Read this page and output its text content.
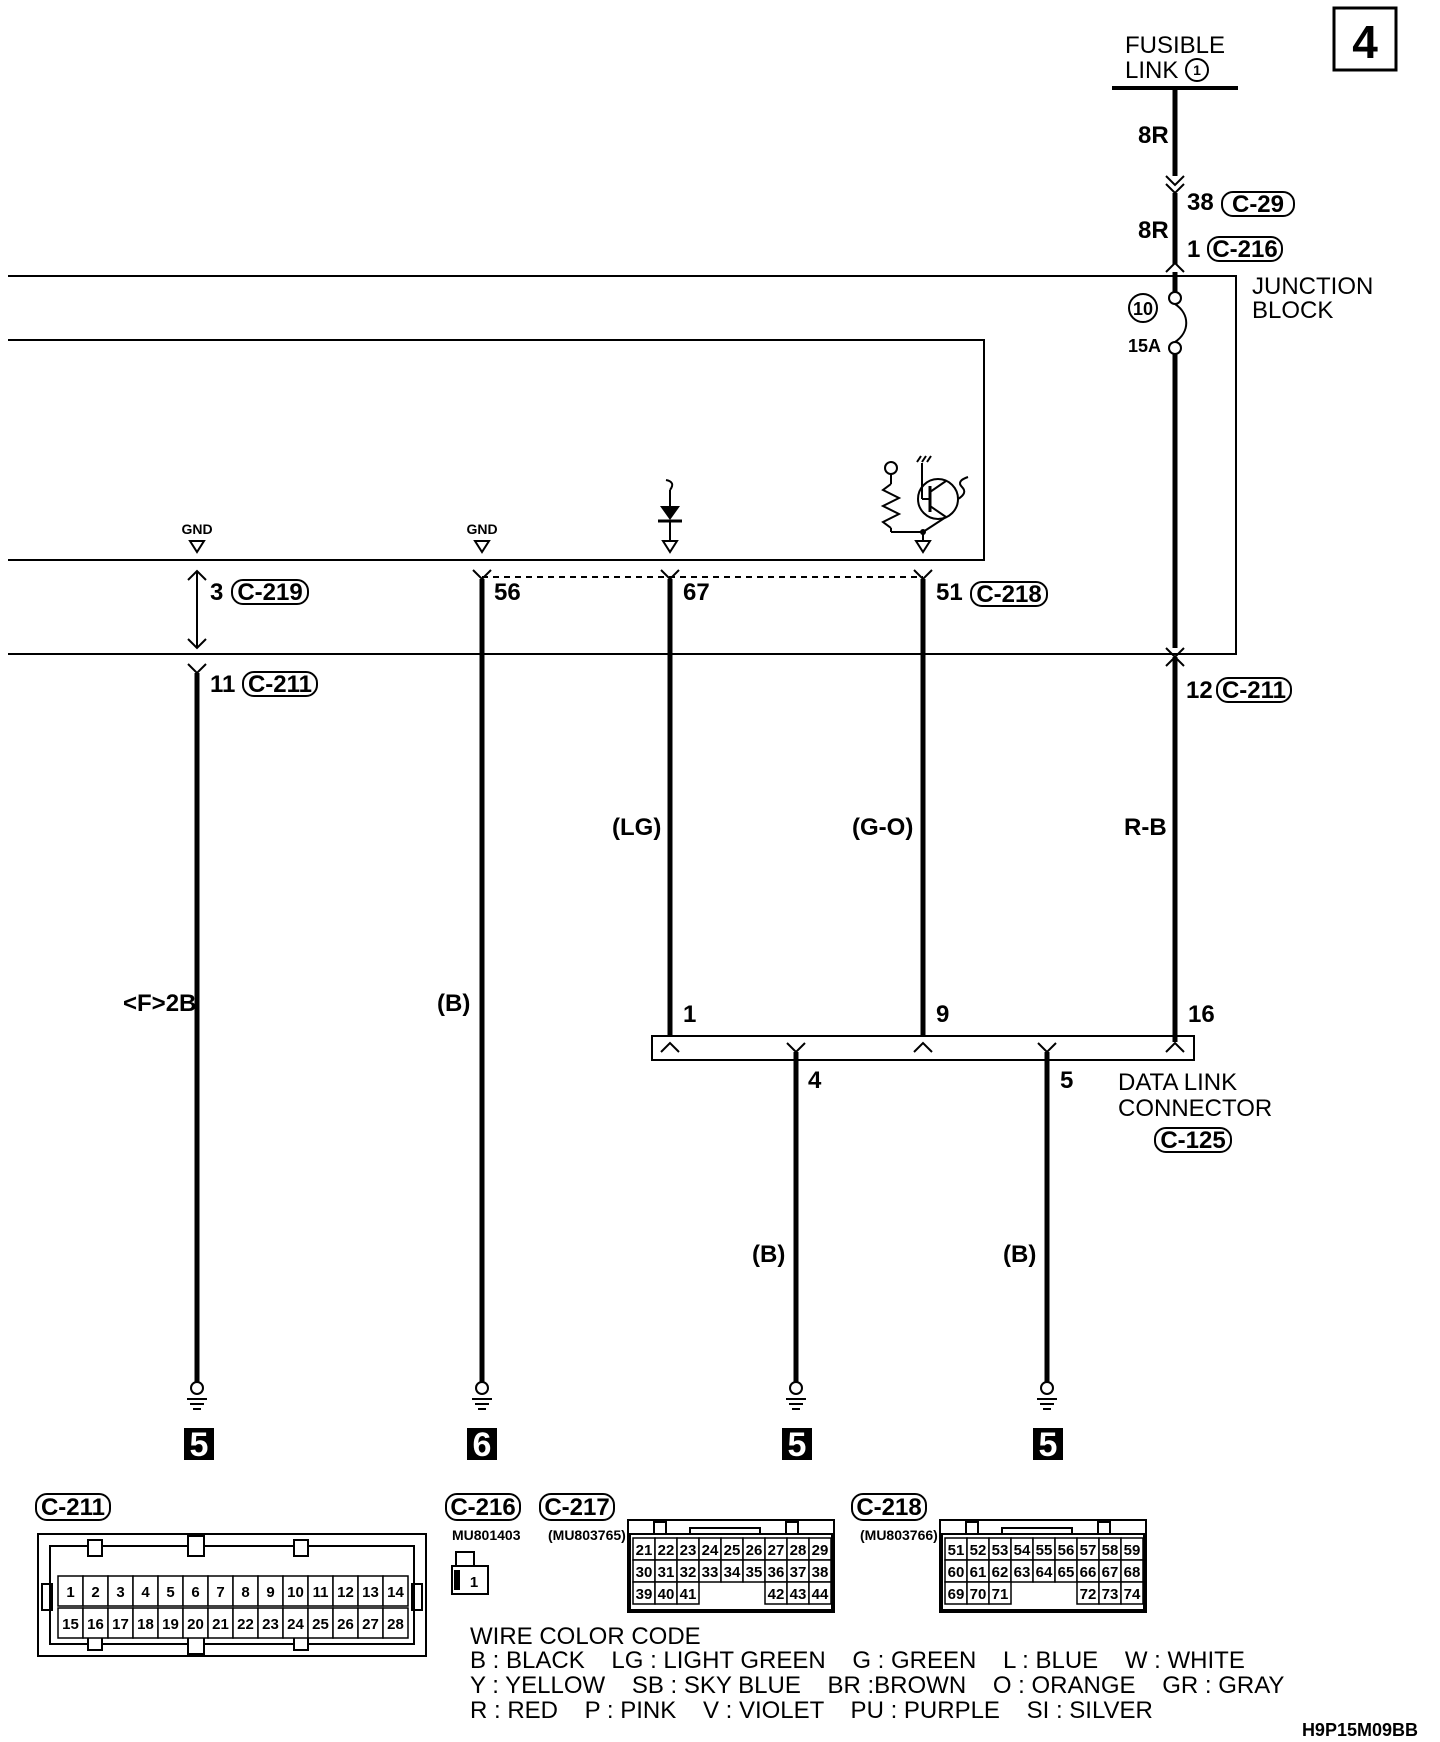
4
FUSIBLE
LINK 1
8R
38 C-29
8R
1 C-216
JUNCTION
BLOCK
10
15A
12 C-211
R-B
GND	GND
3 C-219	56	67	51 C-218
11 C-211
<F>2B	(B)
(LG)	(G-O)
1	9	16
4	5 DATA LINK
CONNECTOR
C-125
(B)	(B)
5	6	5	5
C-211
1 2 3 4 5 6 7 8 9 10 11 12 13 14
15 16 17 18 19 20 21 22 23 24 25 26 27 28
C-216
MU801403
1
C-217
(MU803765)
21 22 23 24 25 26 27 28 29
30 31 32 33 34 35 36 37 38
39 40 41	42 43 44
C-218
(MU803766)
51 52 53 54 55 56 57 58 59
60 61 62 63 64 65 66 67 68
69 70 71	72 73 74
WIRE COLOR CODE
B : BLACK    LG : LIGHT GREEN    G : GREEN    L : BLUE    W : WHITE
Y : YELLOW    SB : SKY BLUE    BR :BROWN    O : ORANGE    GR : GRAY
R : RED    P : PINK    V : VIOLET    PU : PURPLE    SI : SILVER
H9P15M09BB
